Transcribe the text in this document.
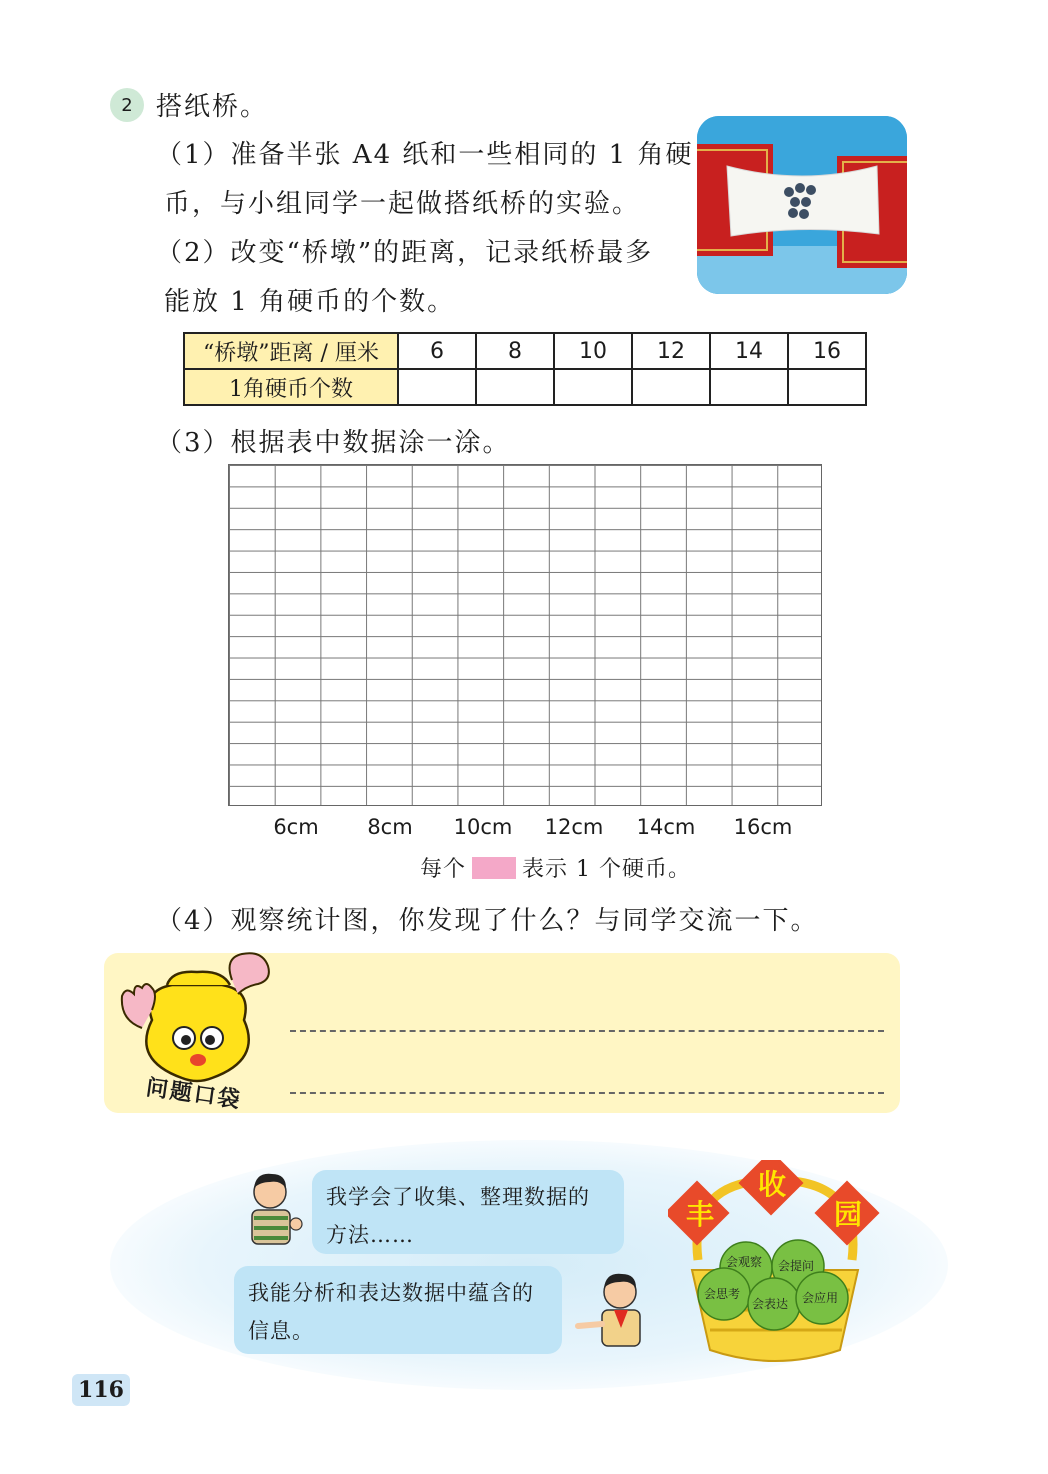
2 搭纸桥。
（1）准备半张 A4 纸和一些相同的 1 角硬
币，与小组同学一起做搭纸桥的实验。
（2）改变“桥墩”的距离，记录纸桥最多
能放 1 角硬币的个数。
“桥墩”距离 / 厘米	6	8	10	12	14	16
1角硬币个数						
（3）根据表中数据涂一涂。
6cm	8cm	10cm	12cm	14cm	16cm
每个	表示 1 个硬币。
（4）观察统计图，你发现了什么？与同学交流一下。
问题口袋
我学会了收集、整理数据的方法……
我能分析和表达数据中蕴含的信息。
会观察 会提问
会思考
会表达 会应用
丰
收
园
116
